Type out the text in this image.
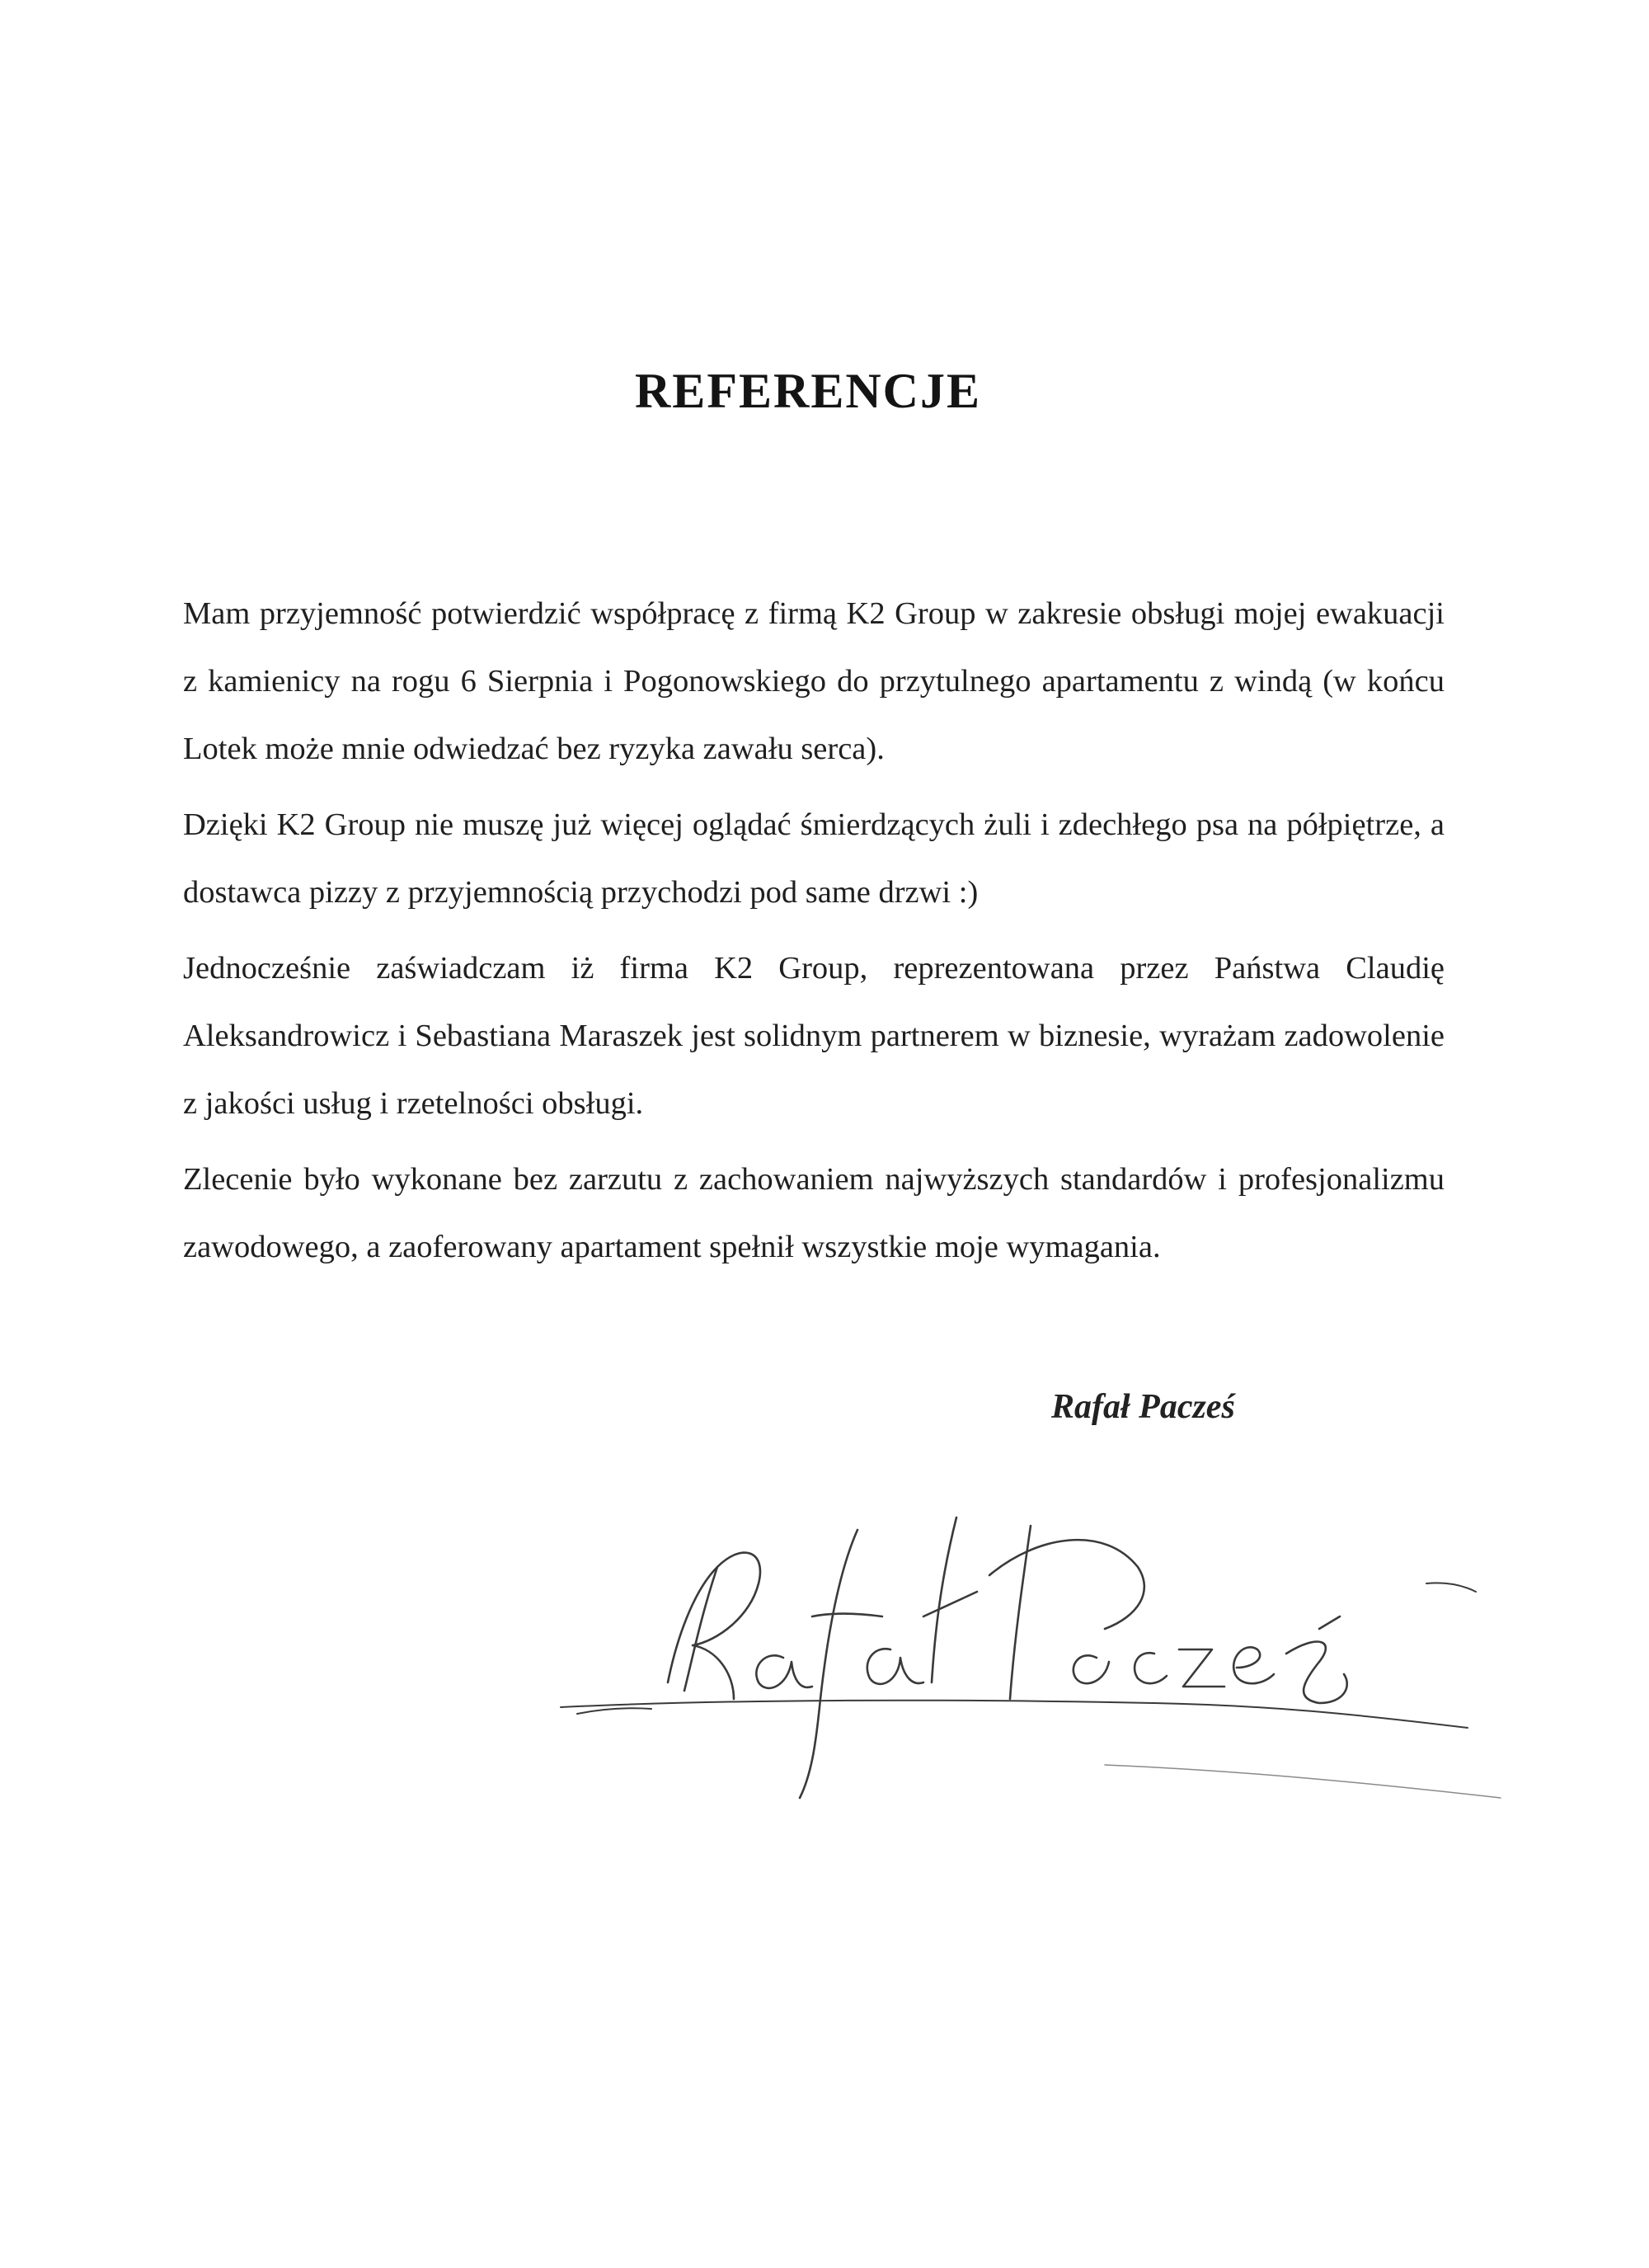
REFERENCJE

Mam przyjemność potwierdzić współpracę z firmą K2 Group w zakresie obsługi mojej ewakuacji z kamienicy na rogu 6 Sierpnia i Pogonowskiego do przytulnego apartamentu z windą (w końcu Lotek może mnie odwiedzać bez ryzyka zawału serca).

Dzięki K2 Group nie muszę już więcej oglądać śmierdzących żuli i zdechłego psa na półpiętrze, a dostawca pizzy z przyjemnością przychodzi pod same drzwi :)

Jednocześnie zaświadczam iż firma K2 Group, reprezentowana przez Państwa Claudię Aleksandrowicz i Sebastiana Maraszek jest solidnym partnerem w biznesie, wyrażam zadowolenie z jakości usług i rzetelności obsługi.

Zlecenie było wykonane bez zarzutu z zachowaniem najwyższych standardów i profesjonalizmu zawodowego, a zaoferowany apartament spełnił wszystkie moje wymagania.

Rafał Pacześ
